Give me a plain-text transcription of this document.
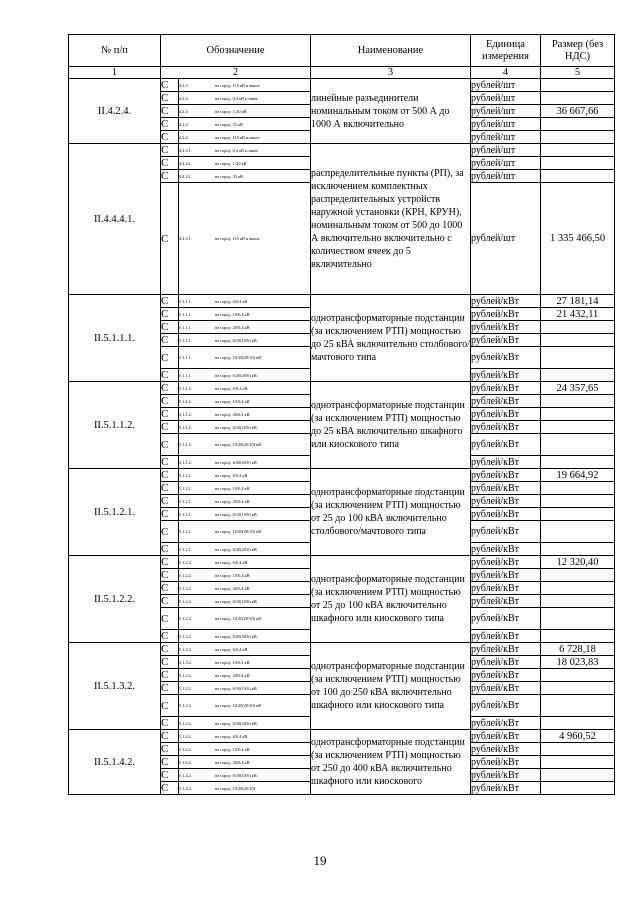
№ п/п	Обозначение		Наименование	Единица измерения	Размер (без НДС)
1	2		3	4	5
II.4.2.4.	C	4.2.3 на город. 110 кВ и выше	линейные разъединители номинальным током от 500 А до 1000 А включительно	рублей/шт	
	C	4.2.4 на город. 0,4 кВ и ниже		рублей/шт	
	C	4.2.4 на город. 1-20 кВ		рублей/шт	36 667,66
	C	4.2.4 на город. 35 кВ		рублей/шт	
	C	4.2.4 на город. 110 кВ и выше		рублей/шт	
II.4.4.4.1.	C	4.4.4.1. на город. 0,4 кВ и ниже	распределительные пункты (РП), за исключением комплектных распределительных устройств наружной установки (КРН, КРУН), номинальным током от 500 до 1000 А включительно включительно с количеством ячеек до 5 включительно	рублей/шт	
	C	4.4.4.1. на город. 1-20 кВ		рублей/шт	
	C	4.4.4.1. на город. 35 кВ		рублей/шт	
	C	4.4.4.1. на город. 110 кВ и выше		рублей/шт	1 335 466,50
II.5.1.1.1.	C	5.1.1.1. на город. 6/0,4 кВ	однотрансформаторные подстанции (за исключением РТП) мощностью до 25 кВА включительно столбового/мачтового типа	рублей/кВт	27 181,14
	C	5.1.1.1. на город. 10/0,4 кВ		рублей/кВт	21 432,11
	C	5.1.1.1. на город. 20/0,4 кВ		рублей/кВт	
	C	5.1.1.1. на город. 6/10(10/6) кВ		рублей/кВт	
	C	5.1.1.1. на город. 10/20(20/10) кВ		рублей/кВт	
	C	5.1.1.1. на город. 6/20(20/6) кВ		рублей/кВт	
II.5.1.1.2.	C	5.1.1.2. на город. 6/0,4 кВ	однотрансформаторные подстанции (за исключением РТП) мощностью до 25 кВА включительно шкафного или киоскового типа	рублей/кВт	24 357,65
	C	5.1.1.2. на город. 10/0,4 кВ		рублей/кВт	
	C	5.1.1.2. на город. 20/0,4 кВ		рублей/кВт	
	C	5.1.1.2. на город. 6/10(10/6) кВ		рублей/кВт	
	C	5.1.1.2. на город. 10/20(20/10) кВ		рублей/кВт	
	C	5.1.1.2. на город. 6/20(20/6) кВ		рублей/кВт	
II.5.1.2.1.	C	5.1.2.1. на город. 6/0,4 кВ	однотрансформаторные подстанции (за исключением РТП) мощностью от 25 до 100 кВА включительно столбового/мачтового типа	рублей/кВт	19 664,92
	C	5.1.2.1. на город. 10/0,4 кВ		рублей/кВт	
	C	5.1.2.1. на город. 20/0,4 кВ		рублей/кВт	
	C	5.1.2.1. на город. 6/10(10/6) кВ		рублей/кВт	
	C	5.1.2.1. на город. 10/20(20/10) кВ		рублей/кВт	
	C	5.1.2.1. на город. 6/20(20/6) кВ		рублей/кВт	
II.5.1.2.2.	C	5.1.2.2. на город. 6/0,4 кВ	однотрансформаторные подстанции (за исключением РТП) мощностью от 25 до 100 кВА включительно шкафного или киоскового типа	рублей/кВт	12 320,40
	C	5.1.2.2. на город. 10/0,4 кВ		рублей/кВт	
	C	5.1.2.2. на город. 20/0,4 кВ		рублей/кВт	
	C	5.1.2.2. на город. 6/10(10/6) кВ		рублей/кВт	
	C	5.1.2.2. на город. 10/20(20/10) кВ		рублей/кВт	
	C	5.1.2.2. на город. 6/20(20/6) кВ		рублей/кВт	
II.5.1.3.2.	C	5.1.3.2. на город. 6/0,4 кВ	однотрансформаторные подстанции (за исключением РТП) мощностью от 100 до 250 кВА включительно шкафного или киоскового типа	рублей/кВт	6 728,18
	C	5.1.3.2. на город. 10/0,4 кВ		рублей/кВт	18 023,83
	C	5.1.3.2. на город. 20/0,4 кВ		рублей/кВт	
	C	5.1.3.2. на город. 6/10(10/6) кВ		рублей/кВт	
	C	5.1.3.2. на город. 10/20(20/10) кВ		рублей/кВт	
	C	5.1.3.2. на город. 6/20(20/6) кВ		рублей/кВт	
II.5.1.4.2.	C	5.1.4.2. на город. 6/0,4 кВ	однотрансформаторные подстанции (за исключением РТП) мощностью от 250 до 400 кВА включительно шкафного или киоскового	рублей/кВт	4 960,52
	C	5.1.4.2. на город. 10/0,4 кВ		рублей/кВт	
	C	5.1.4.2. на город. 20/0,4 кВ		рублей/кВт	
	C	5.1.4.2. на город. 6/10(10/6) кВ		рублей/кВт	
	C	5.1.4.2. на город. 10/20(20/10)		рублей/кВт	
19
